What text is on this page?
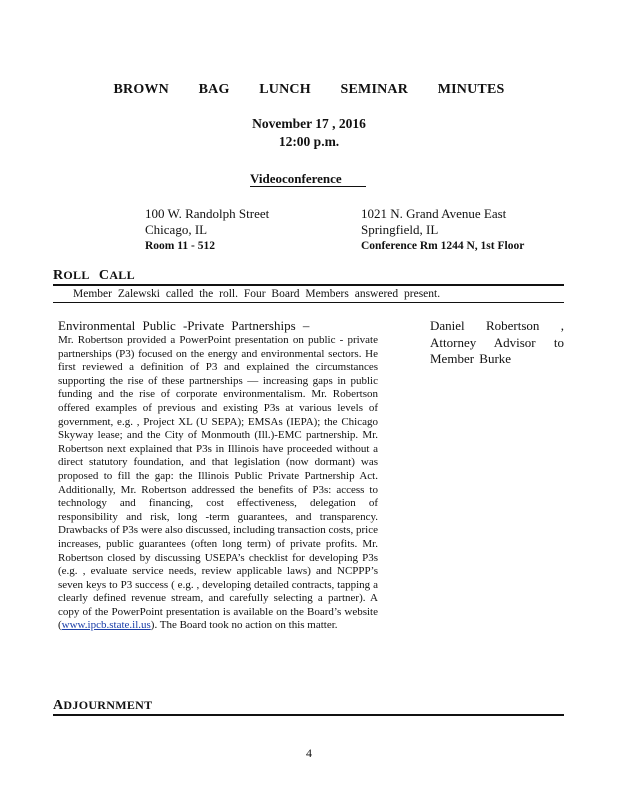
BROWN BAG LUNCH SEMINAR MINUTES
November 17 , 2016
12:00 p.m.
Videoconference
100 W. Randolph Street
Chicago, IL
Room 11 - 512
1021 N. Grand Avenue East
Springfield, IL
Conference Rm 1244 N, 1st Floor
ROLL CALL
Member Zalewski called the roll. Four Board Members answered present.
Environmental Public -Private Partnerships –	Daniel Robertson , Attorney Advisor to Member Burke
Mr. Robertson provided a PowerPoint presentation on public - private partnerships (P3) focused on the energy and environmental sectors. He first reviewed a definition of P3 and explained the circumstances supporting the rise of these partnerships — increasing gaps in public funding and the rise of corporate environmentalism. Mr. Robertson offered examples of previous and existing P3s at various levels of government, e.g. , Project XL (U SEPA); EMSAs (IEPA); the Chicago Skyway lease; and the City of Monmouth (Ill.)-EMC partnership. Mr. Robertson next explained that P3s in Illinois have proceeded without a direct statutory foundation, and that legislation (now dormant) was proposed to fill the gap: the Illinois Public Private Partnership Act. Additionally, Mr. Robertson addressed the benefits of P3s: access to technology and financing, cost effectiveness, delegation of responsibility and risk, long -term guarantees, and transparency. Drawbacks of P3s were also discussed, including transaction costs, price increases, public guarantees (often long term) of private profits. Mr. Robertson closed by discussing USEPA’s checklist for developing P3s (e.g. , evaluate service needs, review applicable laws) and NCPPP’s seven keys to P3 success ( e.g. , developing detailed contracts, tapping a clearly defined revenue stream, and carefully selecting a partner). A copy of the PowerPoint presentation is available on the Board’s website (www.ipcb.state.il.us). The Board took no action on this matter.
ADJOURNMENT
4
